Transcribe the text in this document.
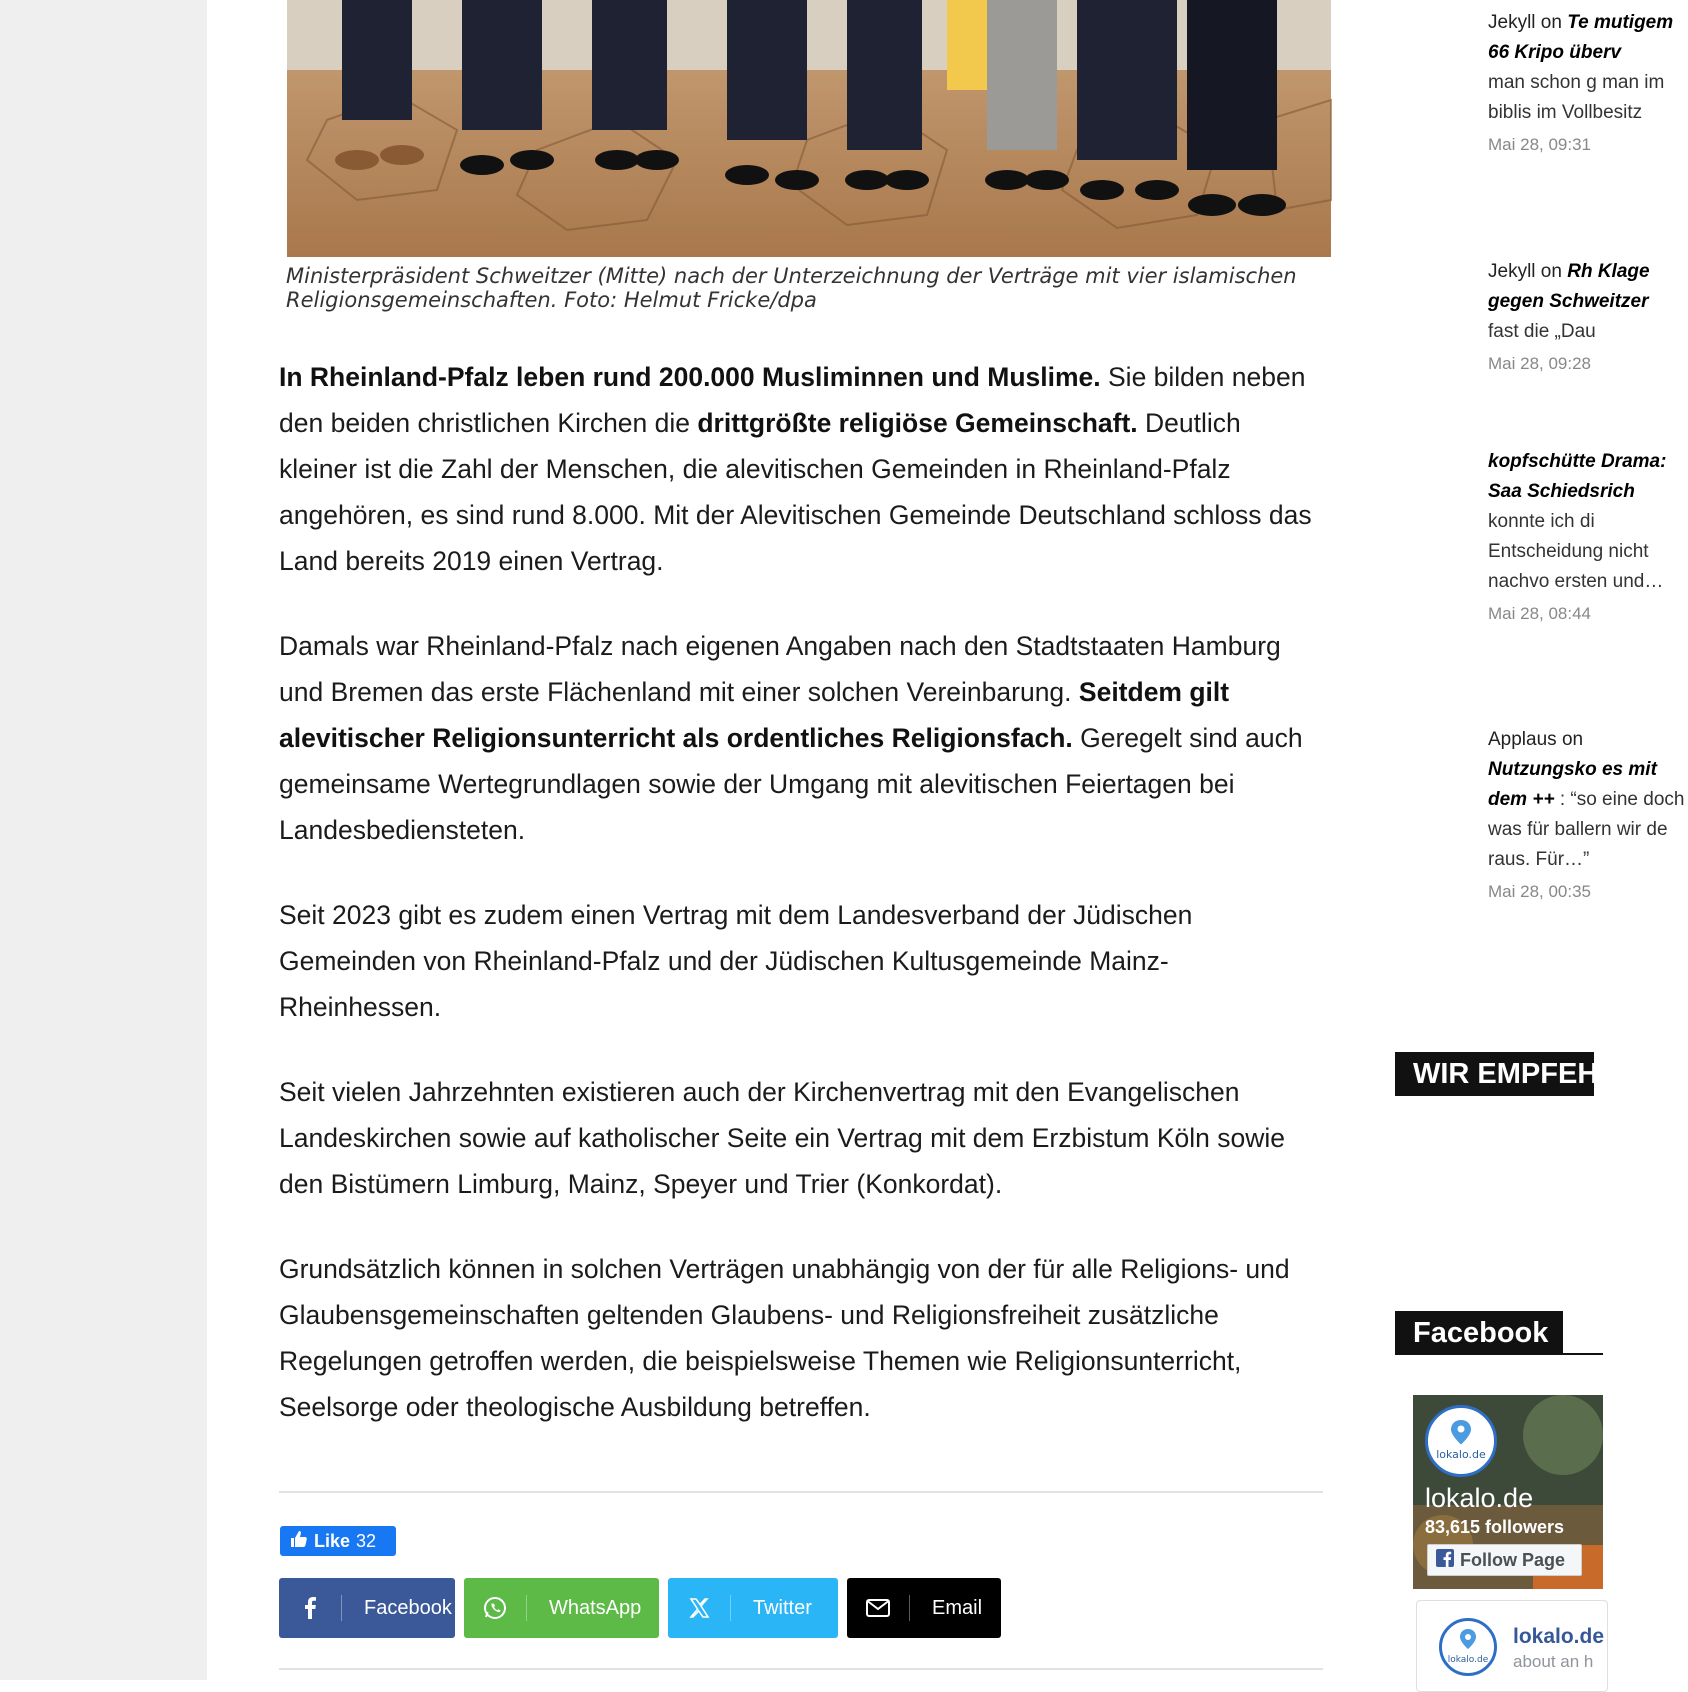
Ministerpräsident Schweitzer (Mitte) nach der Unterzeichnung der Verträge mit vier islamischen Religionsgemeinschaften. Foto: Helmut Fricke/dpa

In Rheinland-Pfalz leben rund 200.000 Musliminnen und Muslime. Sie bilden neben den beiden christlichen Kirchen die drittgrößte religiöse Gemeinschaft. Deutlich kleiner ist die Zahl der Menschen, die alevitischen Gemeinden in Rheinland-Pfalz angehören, es sind rund 8.000. Mit der Alevitischen Gemeinde Deutschland schloss das Land bereits 2019 einen Vertrag.

Damals war Rheinland-Pfalz nach eigenen Angaben nach den Stadtstaaten Hamburg und Bremen das erste Flächenland mit einer solchen Vereinbarung. Seitdem gilt alevitischer Religionsunterricht als ordentliches Religionsfach. Geregelt sind auch gemeinsame Wertegrundlagen sowie der Umgang mit alevitischen Feiertagen bei Landesbediensteten.

Seit 2023 gibt es zudem einen Vertrag mit dem Landesverband der Jüdischen Gemeinden von Rheinland-Pfalz und der Jüdischen Kultusgemeinde Mainz-Rheinhessen.

Seit vielen Jahrzehnten existieren auch der Kirchenvertrag mit den Evangelischen Landeskirchen sowie auf katholischer Seite ein Vertrag mit dem Erzbistum Köln sowie den Bistümern Limburg, Mainz, Speyer und Trier (Konkordat).

Grundsätzlich können in solchen Verträgen unabhängig von der für alle Religions- und Glaubensgemeinschaften geltenden Glaubens- und Religionsfreiheit zusätzliche Regelungen getroffen werden, die beispielsweise Themen wie Religionsunterricht, Seelsorge oder theologische Ausbildung betreffen.

Like 32
Facebook	WhatsApp	Twitter	Email
Jekyll on Te mutigem 66 Kripo überv
man schon g man im biblis im Vollbesitz
Mai 28, 09:31
Jekyll on Rh Klage gegen Schweitzer
fast die „Dau
Mai 28, 09:28
kopfschütte Drama: Saa Schiedsrich
konnte ich di Entscheidung nicht nachvo ersten und…
Mai 28, 08:44
Applaus on Nutzungsko es mit dem ++ : “so eine doch was für ballern wir de raus. Für…”
Mai 28, 00:35
WIR EMPFEHLEN
Facebook
lokalo.de
lokalo.de
83,615 followers
Follow Page
lokalo.de
lokalo.de
about an h
